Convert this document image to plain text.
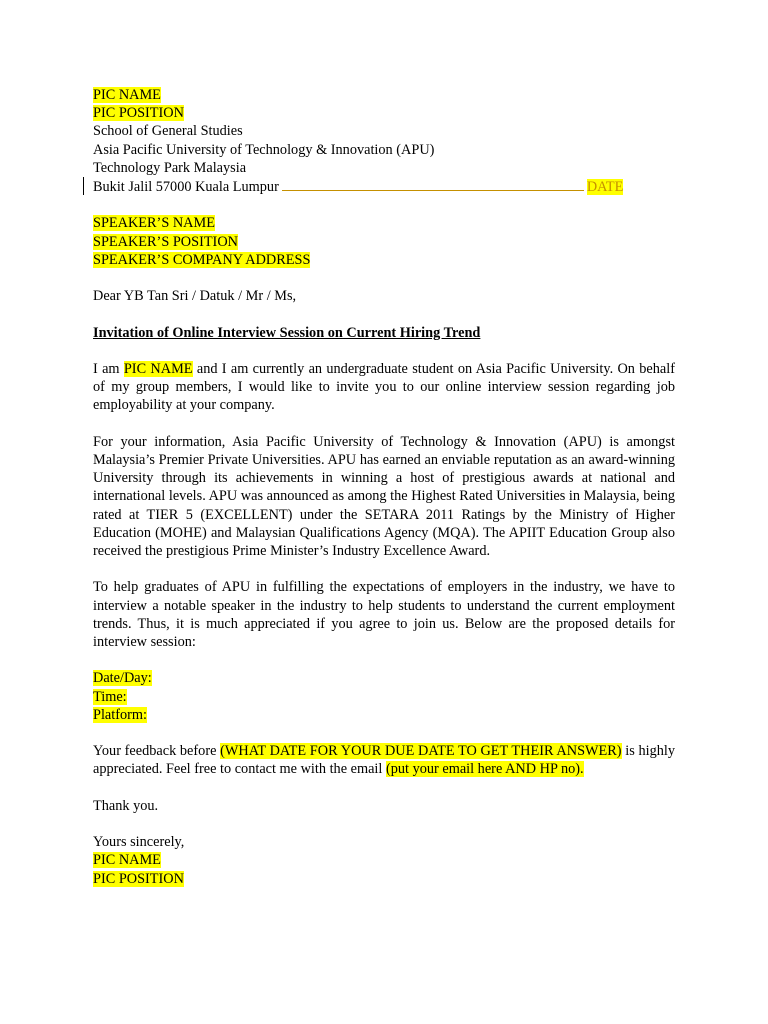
PIC NAME
PIC POSITION
School of General Studies
Asia Pacific University of Technology & Innovation (APU)
Technology Park Malaysia
Bukit Jalil 57000 Kuala Lumpur	DATE
SPEAKER’S NAME
SPEAKER’S POSITION
SPEAKER’S COMPANY ADDRESS
Dear YB Tan Sri / Datuk / Mr / Ms,
Invitation of Online Interview Session on Current Hiring Trend

I am PIC NAME and I am currently an undergraduate student on Asia Pacific University. On behalf of my group members, I would like to invite you to our online interview session regarding job employability at your company.

For your information, Asia Pacific University of Technology & Innovation (APU) is amongst Malaysia’s Premier Private Universities. APU has earned an enviable reputation as an award-winning University through its achievements in winning a host of prestigious awards at national and international levels. APU was announced as among the Highest Rated Universities in Malaysia, being rated at TIER 5 (EXCELLENT) under the SETARA 2011 Ratings by the Ministry of Higher Education (MOHE) and Malaysian Qualifications Agency (MQA). The APIIT Education Group also received the prestigious Prime Minister’s Industry Excellence Award.

To help graduates of APU in fulfilling the expectations of employers in the industry, we have to interview a notable speaker in the industry to help students to understand the current employment trends. Thus, it is much appreciated if you agree to join us. Below are the proposed details for interview session:

Date/Day:
Time:
Platform:

Your feedback before (WHAT DATE FOR YOUR DUE DATE TO GET THEIR ANSWER) is highly appreciated. Feel free to contact me with the email (put your email here AND HP no).

Thank you.
Yours sincerely,
PIC NAME
PIC POSITION
